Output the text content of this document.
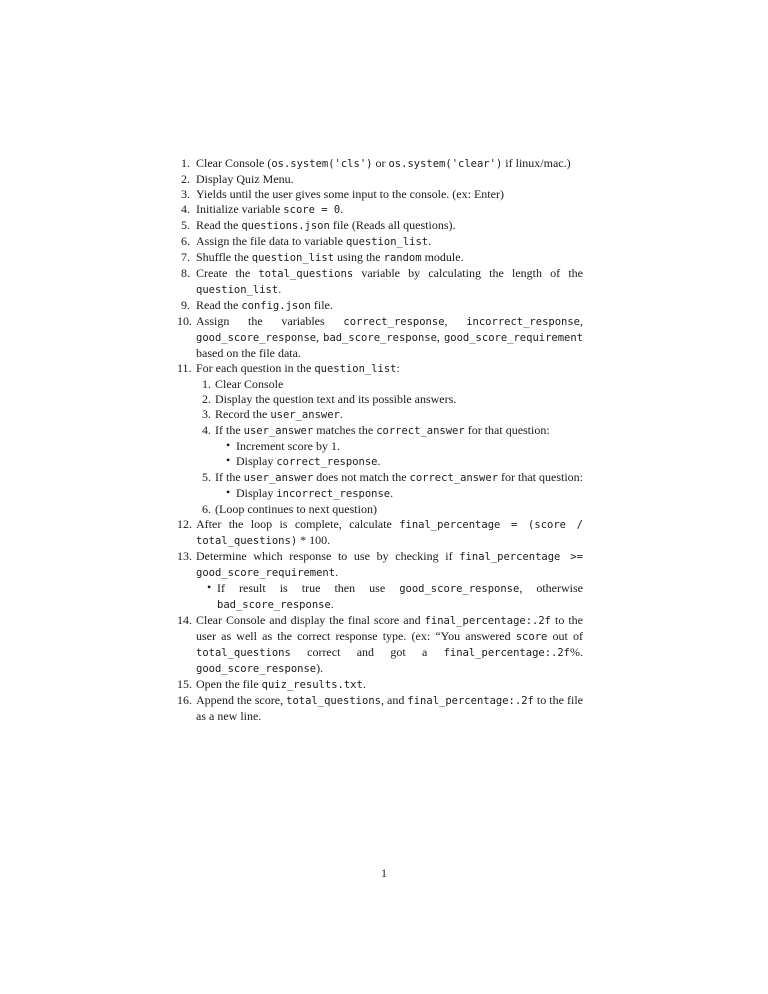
1. Clear Console (os.system('cls') or os.system('clear') if linux/mac.)
2. Display Quiz Menu.
3. Yields until the user gives some input to the console. (ex: Enter)
4. Initialize variable score = 0.
5. Read the questions.json file (Reads all questions).
6. Assign the file data to variable question_list.
7. Shuffle the question_list using the random module.
8. Create the total_questions variable by calculating the length of the question_list.
9. Read the config.json file.
10. Assign the variables correct_response, incorrect_response, good_score_response, bad_score_response, good_score_requirement based on the file data.
11. For each question in the question_list:
1. Clear Console
2. Display the question text and its possible answers.
3. Record the user_answer.
4. If the user_answer matches the correct_answer for that question:
• Increment score by 1.
• Display correct_response.
5. If the user_answer does not match the correct_answer for that question:
• Display incorrect_response.
6. (Loop continues to next question)
12. After the loop is complete, calculate final_percentage = (score / total_questions) * 100.
13. Determine which response to use by checking if final_percentage >= good_score_requirement.
• If result is true then use good_score_response, otherwise bad_score_response.
14. Clear Console and display the final score and final_percentage:.2f to the user as well as the correct response type. (ex: “You answered score out of total_questions correct and got a final_percentage:.2f%. good_score_response).
15. Open the file quiz_results.txt.
16. Append the score, total_questions, and final_percentage:.2f to the file as a new line.
1
